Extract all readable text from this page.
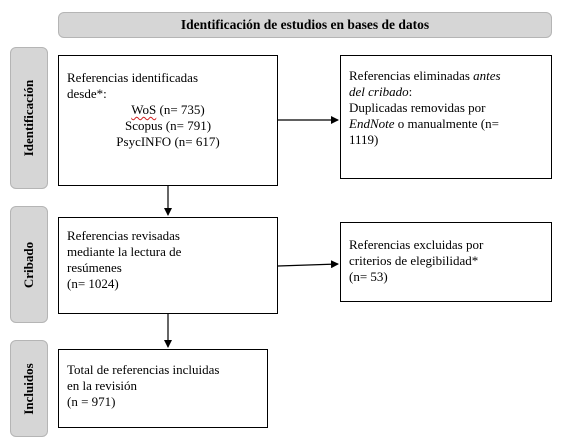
Identificación de estudios en bases de datos
Identificación
Cribado
Incluidos
Referencias identificadas
desde*:
WoS (n= 735)
Scopus (n= 791)
PsycINFO (n= 617)
Referencias eliminadas antes
del cribado:
Duplicadas removidas por
EndNote o manualmente (n=
1119)
Referencias revisadas
mediante la lectura de
resúmenes
(n= 1024)
Referencias excluidas por
criterios de elegibilidad*
(n= 53)
Total de referencias incluidas
en la revisión
(n = 971)
